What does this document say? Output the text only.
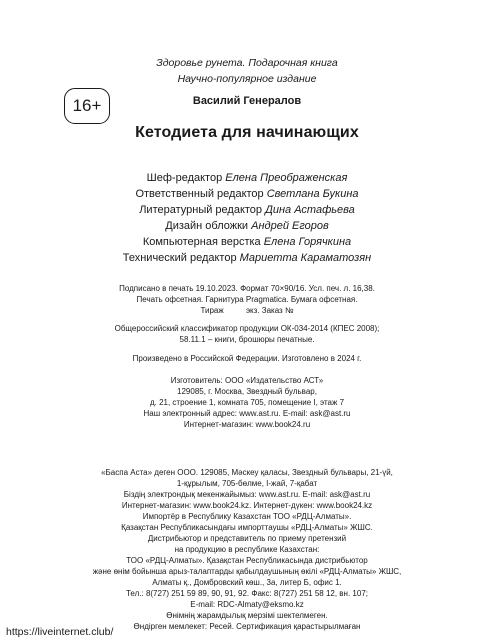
Здоровье рунета. Подарочная книга
Научно-популярное издание
16+	Василий Генералов
Кетодиета для начинающих
Шеф-редактор Елена Преображенская
Ответственный редактор Светлана Букина
Литературный редактор Дина Астафьева
Дизайн обложки Андрей Егоров
Компьютерная верстка Елена Горячкина
Технический редактор Мариетта Караматозян
Подписано в печать 19.10.2023. Формат 70×90/16. Усл. печ. л. 16,38.
Печать офсетная. Гарнитура Pragmatica. Бумага офсетная.
Тираж          экз. Заказ №
Общероссийский классификатор продукции ОК-034-2014 (КПЕС 2008);
58.11.1 – книги, брошюры печатные.
Произведено в Российской Федерации. Изготовлено в 2024 г.
Изготовитель: ООО «Издательство АСТ»
129085, г. Москва, Звездный бульвар,
д. 21, строение 1, комната 705, помещение I, этаж 7
Наш электронный адрес: www.ast.ru. E-mail: ask@ast.ru
Интернет-магазин: www.book24.ru
«Баспа Аста» деген ООО. 129085, Мәскеу қаласы, Звездный бульвары, 21-үй,
1-құрылым, 705-бөлме, I-жай, 7-қабат
Біздің электрондық мекенжайымыз: www.ast.ru. E-mail: ask@ast.ru
Интернет-магазин: www.book24.kz. Интернет-дүкен: www.book24.kz
Импортёр в Республику Казахстан ТОО «РДЦ-Алматы».
Қазақстан Республикасындағы импорттаушы «РДЦ-Алматы» ЖШС.
Дистрибьютор и представитель по приему претензий
на продукцию в республике Казахстан:
ТОО «РДЦ-Алматы». Қазақстан Республикасында дистрибьютор
және өнім бойынша арыз-талаптарды қабылдаушының өкілі «РДЦ-Алматы» ЖШС,
Алматы қ., Домбровский көш., 3а, литер Б, офис 1.
Тел.: 8(727) 251 59 89, 90, 91, 92. Факс: 8(727) 251 58 12, вн. 107;
E-mail: RDC-Almaty@eksmo.kz
Өнімнің жарамдылық мерзімі шектелмеген.
Өндірген мемлекет: Ресей. Сертификация қарастырылмаған
https://liveinternet.club/
